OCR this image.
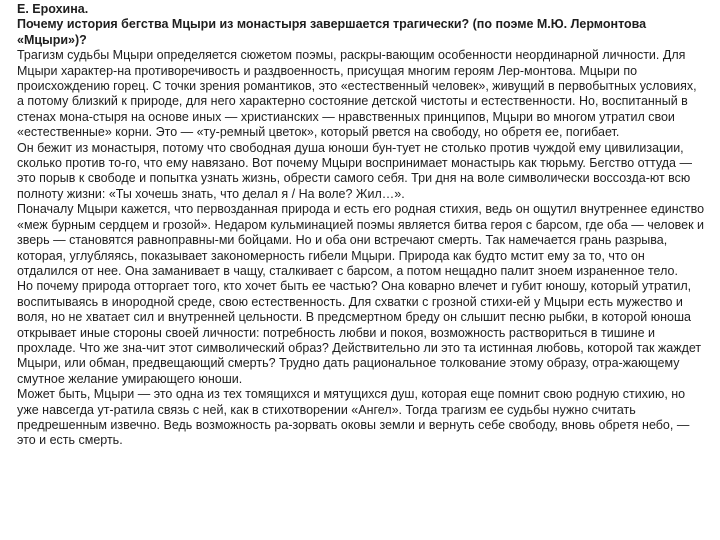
Е. Ерохина.

Почему история бегства Мцыри из монастыря завершается трагически? (по поэме М.Ю. Лермонтова «Мцыри»)?

Трагизм судьбы Мцыри определяется сюжетом поэмы, раскры-вающим особенности неординарной личности. Для Мцыри характер-на противоречивость и раздвоенность, присущая многим героям Лер-монтова. Мцыри по происхождению горец. С точки зрения романтиков, это «естественный человек», живущий в первобытных условиях, а потому близкий к природе, для него характерно состояние детской чистоты и естественности. Но, воспитанный в стенах мона-стыря на основе иных — христианских — нравственных принципов, Мцыри во многом утратил свои «естественные» корни. Это — «ту-ремный цветок», который рвется на свободу, но обретя ее, погибает.

Он бежит из монастыря, потому что свободная душа юноши бун-тует не столько против чуждой ему цивилизации, сколько против то-го, что ему навязано. Вот почему Мцыри воспринимает монастырь как тюрьму. Бегство оттуда — это порыв к свободе и попытка узнать жизнь, обрести самого себя. Три дня на воле символически воссозда-ют всю полноту жизни: «Ты хочешь знать, что делал я / На воле? Жил…».

Поначалу Мцыри кажется, что первозданная природа и есть его родная стихия, ведь он ощутил внутреннее единство «меж бурным сердцем и грозой». Недаром кульминацией поэмы является битва героя с барсом, где оба — человек и зверь — становятся равноправны-ми бойцами. Но и оба они встречают смерть. Так намечается грань разрыва, которая, углубляясь, показывает закономерность гибели Мцыри. Природа как будто мстит ему за то, что он отдалился от нее. Она заманивает в чащу, сталкивает с барсом, а потом нещадно палит зноем израненное тело.

Но почему природа отторгает того, кто хочет быть ее частью? Она коварно влечет и губит юношу, который утратил, воспитываясь в инородной среде, свою естественность. Для схватки с грозной стихи-ей у Мцыри есть мужество и воля, но не хватает сил и внутренней цельности. В предсмертном бреду он слышит песню рыбки, в которой юноша открывает иные стороны своей личности: потребность любви и покоя, возможность раствориться в тишине и прохладе. Что же зна-чит этот символический образ? Действительно ли это та истинная любовь, которой так жаждет Мцыри, или обман, предвещающий смерть? Трудно дать рациональное толкование этому образу, отра-жающему смутное желание умирающего юноши.

Может быть, Мцыри — это одна из тех томящихся и мятущихся душ, которая еще помнит свою родную стихию, но уже навсегда ут-ратила связь с ней, как в стихотворении «Ангел». Тогда трагизм ее судьбы нужно считать предрешенным извечно. Ведь возможность ра-зорвать оковы земли и вернуть себе свободу, вновь обретя небо, — это и есть смерть.
